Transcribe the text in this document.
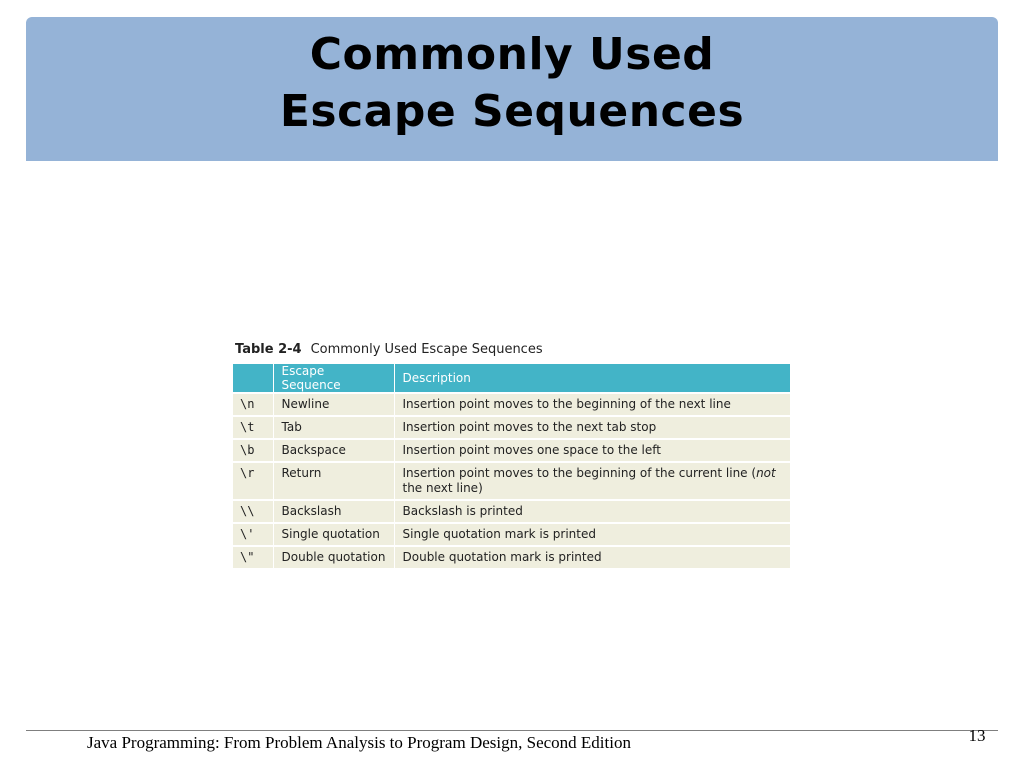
Commonly Used
Escape Sequences
Table 2-4 Commonly Used Escape Sequences
	Escape Sequence	Description
\n	Newline	Insertion point moves to the beginning of the next line
\t	Tab	Insertion point moves to the next tab stop
\b	Backspace	Insertion point moves one space to the left
\r	Return	Insertion point moves to the beginning of the current line (not the next line)
\\	Backslash	Backslash is printed
\'	Single quotation	Single quotation mark is printed
\"	Double quotation	Double quotation mark is printed
Java Programming: From Problem Analysis to Program Design, Second Edition	13
